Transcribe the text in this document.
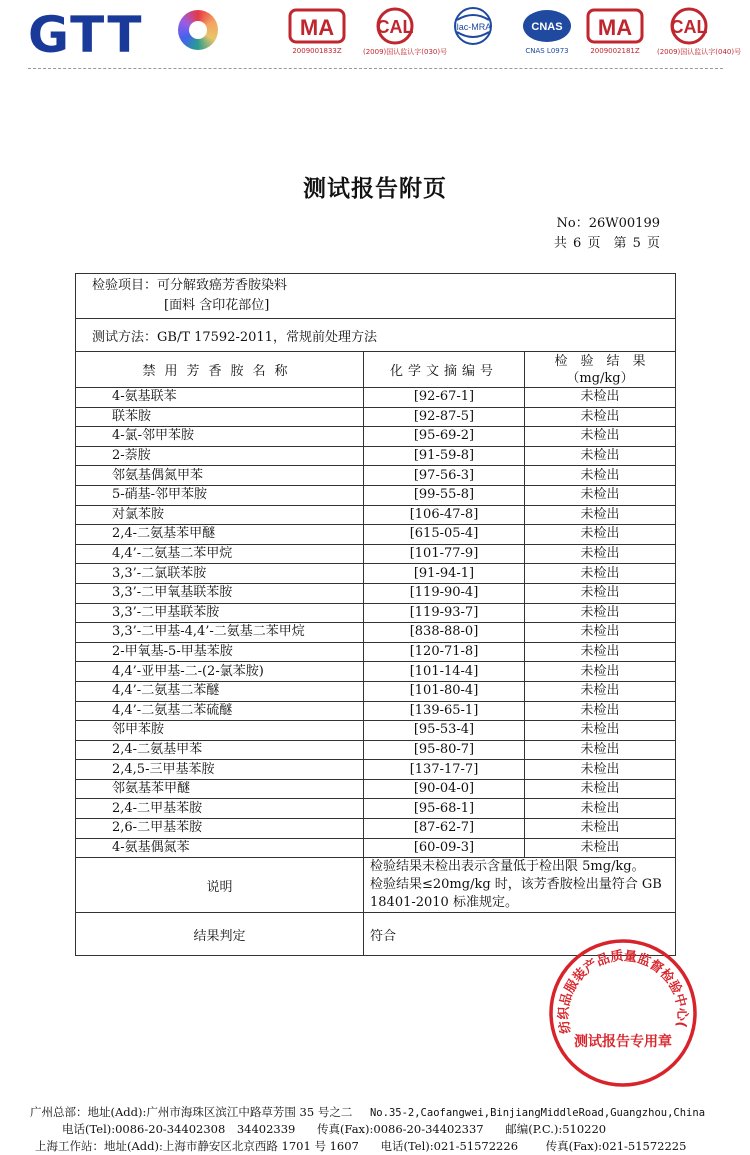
GTT	MA
2009001833Z
CAL
(2009)国认监认字(030)号
ilac-MRA	CNAS
CNAS L0973
MA
2009002181Z
CAL
(2009)国认监认字(040)号
测试报告附页
No：26W00199
共 6 页　第 5 页
检验项目：可分解致癌芳香胺染料
[面料 含印花部位]		

测试方法：GB/T 17592-2011，常规前处理方法		
禁用芳香胺名称	化学文摘编号	检　验　结　果
（mg/kg）

4-氨基联苯	[92-67-1]	未检出
联苯胺	[92-87-5]	未检出
4-氯-邻甲苯胺	[95-69-2]	未检出
2-萘胺	[91-59-8]	未检出
邻氨基偶氮甲苯	[97-56-3]	未检出
5-硝基-邻甲苯胺	[99-55-8]	未检出
对氯苯胺	[106-47-8]	未检出
2,4-二氨基苯甲醚	[615-05-4]	未检出
4,4’-二氨基二苯甲烷	[101-77-9]	未检出
3,3’-二氯联苯胺	[91-94-1]	未检出
3,3’-二甲氧基联苯胺	[119-90-4]	未检出
3,3’-二甲基联苯胺	[119-93-7]	未检出
3,3’-二甲基-4,4’-二氨基二苯甲烷	[838-88-0]	未检出
2-甲氧基-5-甲基苯胺	[120-71-8]	未检出
4,4’-亚甲基-二-(2-氯苯胺)	[101-14-4]	未检出
4,4’-二氨基二苯醚	[101-80-4]	未检出
4,4’-二氨基二苯硫醚	[139-65-1]	未检出
邻甲苯胺	[95-53-4]	未检出
2,4-二氨基甲苯	[95-80-7]	未检出
2,4,5-三甲基苯胺	[137-17-7]	未检出
邻氨基苯甲醚	[90-04-0]	未检出
2,4-二甲基苯胺	[95-68-1]	未检出
2,6-二甲基苯胺	[87-62-7]	未检出
4-氨基偶氮苯	[60-09-3]	未检出
说明	检验结果未检出表示含量低于检出限 5mg/kg。
检验结果≤20mg/kg 时，该芳香胺检出量符合 GB 18401-2010 标准规定。	

结果判定	符合	
纺织品服装产品质量监督检验中心(
测试报告专用章
广州总部：地址(Add):广州市海珠区滨江中路草芳围 35 号之二 No.35-2,Caofangwei,BinjiangMiddleRoad,Guangzhou,China
电话(Tel):0086-20-34402308　34402339 传真(Fax):0086-20-34402337 邮编(P.C.):510220
上海工作站：地址(Add):上海市静安区北京西路 1701 号 1607 电话(Tel):021-51572226 传真(Fax):021-51572225
